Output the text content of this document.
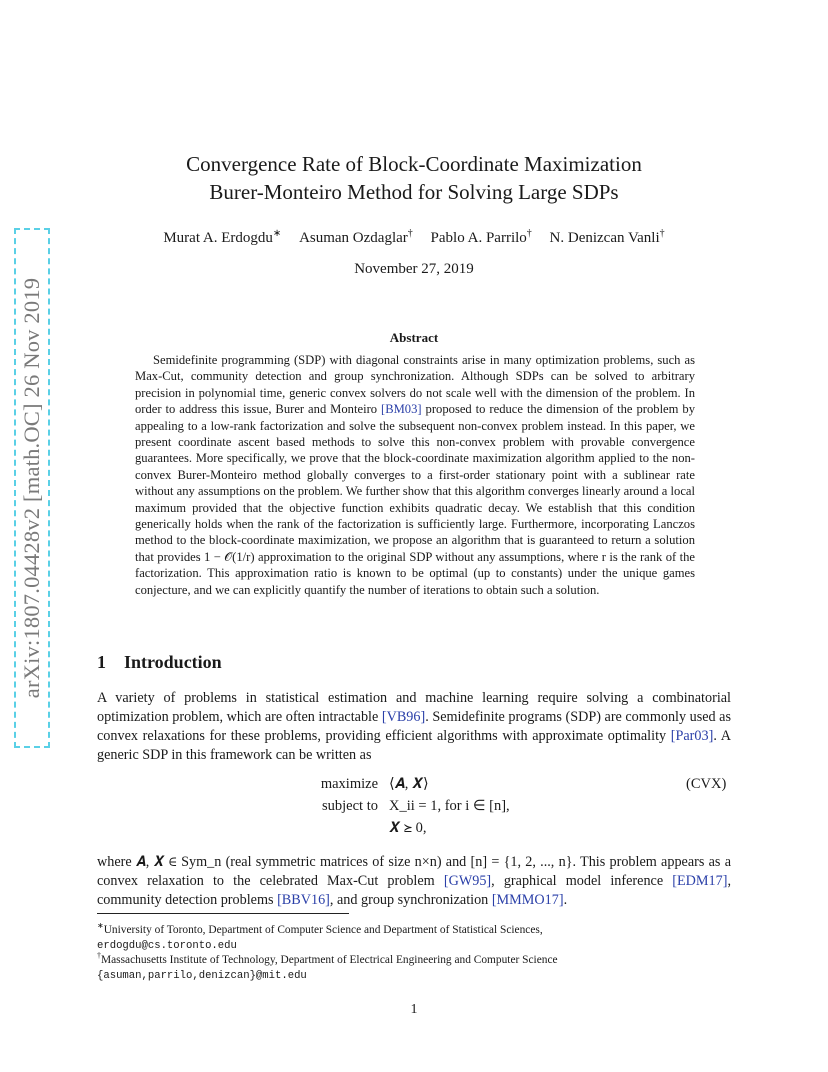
arXiv:1807.04428v2 [math.OC] 26 Nov 2019
Convergence Rate of Block-Coordinate Maximization
Burer-Monteiro Method for Solving Large SDPs
Murat A. Erdogdu∗ Asuman Ozdaglar† Pablo A. Parrilo† N. Denizcan Vanli†
November 27, 2019
Abstract
Semidefinite programming (SDP) with diagonal constraints arise in many optimization problems, such as Max-Cut, community detection and group synchronization. Although SDPs can be solved to arbitrary precision in polynomial time, generic convex solvers do not scale well with the dimension of the problem. In order to address this issue, Burer and Monteiro [BM03] proposed to reduce the dimension of the problem by appealing to a low-rank factorization and solve the subsequent non-convex problem instead. In this paper, we present coordinate ascent based methods to solve this non-convex problem with provable convergence guarantees. More specifically, we prove that the block-coordinate maximization algorithm applied to the non-convex Burer-Monteiro method globally converges to a first-order stationary point with a sublinear rate without any assumptions on the problem. We further show that this algorithm converges linearly around a local maximum provided that the objective function exhibits quadratic decay. We establish that this condition generically holds when the rank of the factorization is sufficiently large. Furthermore, incorporating Lanczos method to the block-coordinate maximization, we propose an algorithm that is guaranteed to return a solution that provides 1 − 𝒪(1/r) approximation to the original SDP without any assumptions, where r is the rank of the factorization. This approximation ratio is known to be optimal (up to constants) under the unique games conjecture, and we can explicitly quantify the number of iterations to obtain such a solution.
1 Introduction
A variety of problems in statistical estimation and machine learning require solving a combinatorial optimization problem, which are often intractable [VB96]. Semidefinite programs (SDP) are commonly used as convex relaxations for these problems, providing efficient algorithms with approximate optimality [Par03]. A generic SDP in this framework can be written as
maximize ⟨𝑨, 𝑿⟩	(CVX)
subject to X_ii = 1, for i ∈ [n],
𝑿 ⪰ 0,
where 𝑨, 𝑿 ∈ Sym_n (real symmetric matrices of size n×n) and [n] = {1, 2, ..., n}. This problem appears as a convex relaxation to the celebrated Max-Cut problem [GW95], graphical model inference [EDM17], community detection problems [BBV16], and group synchronization [MMMO17].
∗University of Toronto, Department of Computer Science and Department of Statistical Sciences,
erdogdu@cs.toronto.edu
†Massachusetts Institute of Technology, Department of Electrical Engineering and Computer Science
{asuman,parrilo,denizcan}@mit.edu
1
